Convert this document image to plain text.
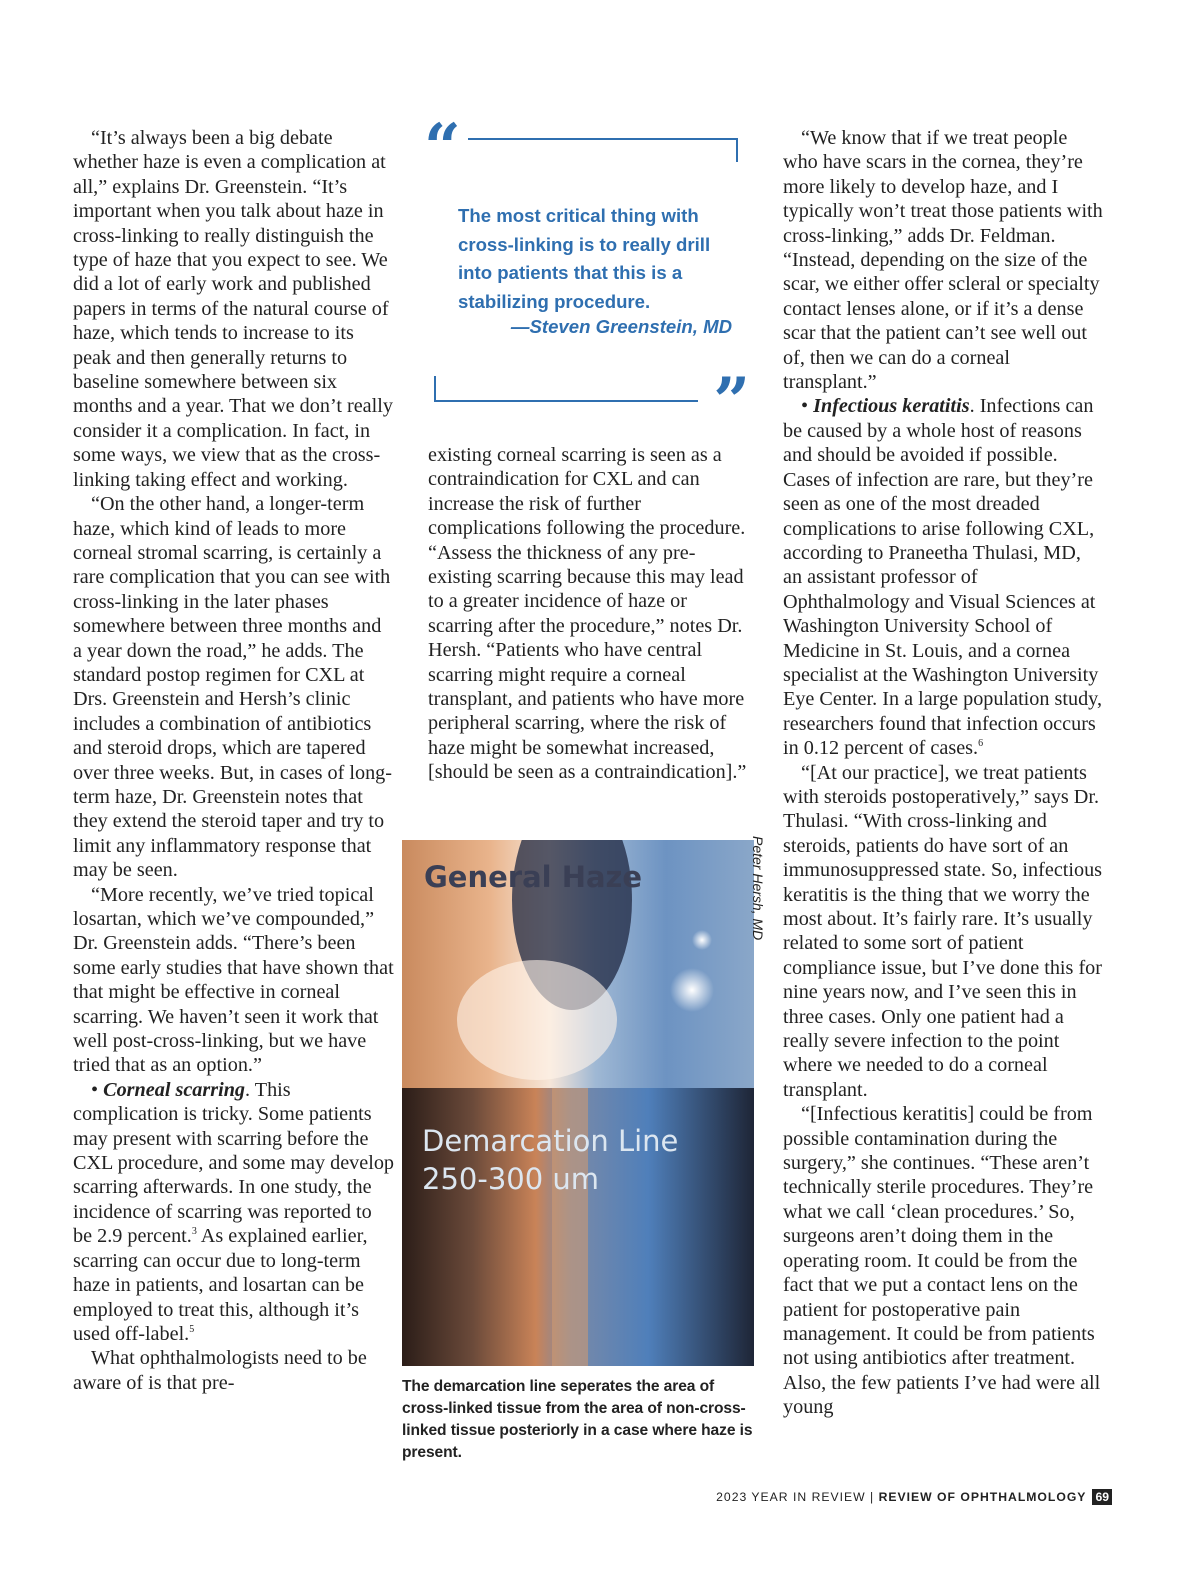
“It’s always been a big debate whether haze is even a complication at all,” explains Dr. Greenstein. “It’s important when you talk about haze in cross-linking to really distinguish the type of haze that you expect to see. We did a lot of early work and published papers in terms of the natural course of haze, which tends to increase to its peak and then generally returns to baseline somewhere between six months and a year. That we don’t really consider it a complication. In fact, in some ways, we view that as the cross-linking taking effect and working.

“On the other hand, a longer-term haze, which kind of leads to more corneal stromal scarring, is certainly a rare complication that you can see with cross-linking in the later phases somewhere between three months and a year down the road,” he adds. The standard postop regimen for CXL at Drs. Greenstein and Hersh’s clinic includes a combination of antibiotics and steroid drops, which are tapered over three weeks. But, in cases of long-term haze, Dr. Greenstein notes that they extend the steroid taper and try to limit any inflammatory response that may be seen.

“More recently, we’ve tried topical losartan, which we’ve compounded,” Dr. Greenstein adds. “There’s been some early studies that have shown that that might be effective in corneal scarring. We haven’t seen it work that well post-cross-linking, but we have tried that as an option.”

• Corneal scarring. This complication is tricky. Some patients may present with scarring before the CXL procedure, and some may develop scarring afterwards. In one study, the incidence of scarring was reported to be 2.9 percent.$^3$ As explained earlier, scarring can occur due to long-term haze in patients, and losartan can be employed to treat this, although it’s used off-label.$^5$

What ophthalmologists need to be aware of is that pre-

“
The most critical thing with cross-linking is to really drill into patients that this is a stabilizing procedure.
—Steven Greenstein, MD
”

existing corneal scarring is seen as a contraindication for CXL and can increase the risk of further complications following the procedure. “Assess the thickness of any pre-existing scarring because this may lead to a greater incidence of haze or scarring after the procedure,” notes Dr. Hersh. “Patients who have central scarring might require a corneal transplant, and patients who have more peripheral scarring, where the risk of haze might be somewhat increased, [should be seen as a contraindication].”

General Haze
Demarcation Line
250-300 um
Peter Hersh, MD
The demarcation line seperates the area of cross-linked tissue from the area of non-cross-linked tissue posteriorly in a case where haze is present.

“We know that if we treat people who have scars in the cornea, they’re more likely to develop haze, and I typically won’t treat those patients with cross-linking,” adds Dr. Feldman. “Instead, depending on the size of the scar, we either offer scleral or specialty contact lenses alone, or if it’s a dense scar that the patient can’t see well out of, then we can do a corneal transplant.”

• Infectious keratitis. Infections can be caused by a whole host of reasons and should be avoided if possible. Cases of infection are rare, but they’re seen as one of the most dreaded complications to arise following CXL, according to Praneetha Thulasi, MD, an assistant professor of Ophthalmology and Visual Sciences at Washington University School of Medicine in St. Louis, and a cornea specialist at the Washington University Eye Center. In a large population study, researchers found that infection occurs in 0.12 percent of cases.$^6$

“[At our practice], we treat patients with steroids postoperatively,” says Dr. Thulasi. “With cross-linking and steroids, patients do have sort of an immunosuppressed state. So, infectious keratitis is the thing that we worry the most about. It’s fairly rare. It’s usually related to some sort of patient compliance issue, but I’ve done this for nine years now, and I’ve seen this in three cases. Only one patient had a really severe infection to the point where we needed to do a corneal transplant.

“[Infectious keratitis] could be from possible contamination during the surgery,” she continues. “These aren’t technically sterile procedures. They’re what we call ‘clean procedures.’ So, surgeons aren’t doing them in the operating room. It could be from the fact that we put a contact lens on the patient for postoperative pain management. It could be from patients not using antibiotics after treatment. Also, the few patients I’ve had were all young

2023 YEAR IN REVIEW | REVIEW OF OPHTHALMOLOGY 69
